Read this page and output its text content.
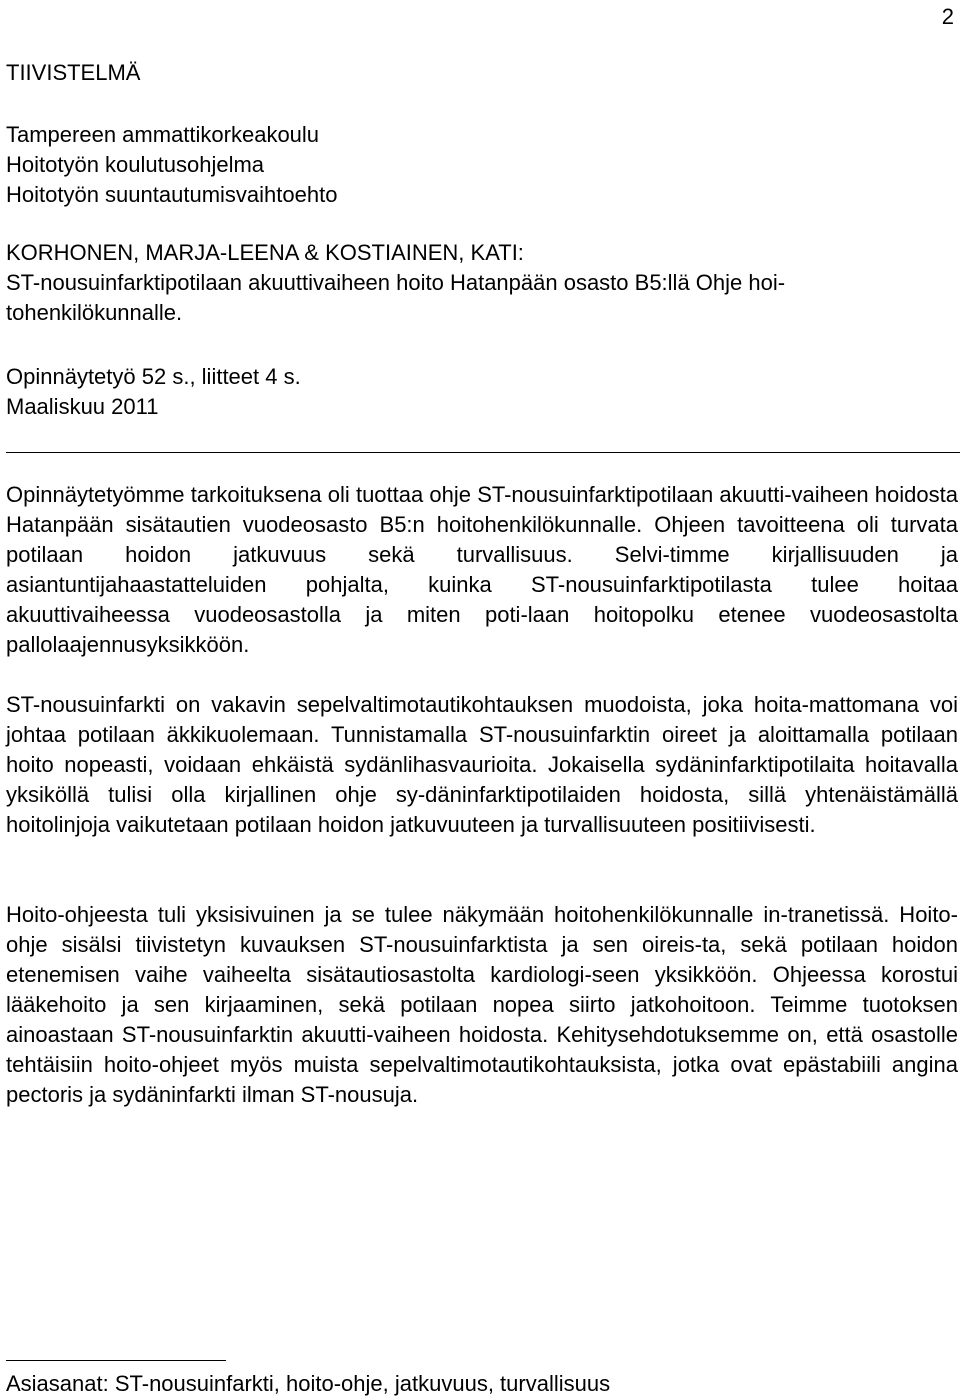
2
TIIVISTELMÄ
Tampereen ammattikorkeakoulu
Hoitotyön koulutusohjelma
Hoitotyön suuntautumisvaihtoehto
KORHONEN, MARJA-LEENA & KOSTIAINEN, KATI:
ST-nousuinfarktipotilaan akuuttivaiheen hoito Hatanpään osasto B5:llä Ohje hoi-
tohenkilökunnalle.
Opinnäytetyö 52 s., liitteet 4 s.
Maaliskuu 2011

Opinnäytetyömme tarkoituksena oli tuottaa ohje ST-nousuinfarktipotilaan akuutti-vaiheen hoidosta Hatanpään sisätautien vuodeosasto B5:n hoitohenkilökunnalle. Ohjeen tavoitteena oli turvata potilaan hoidon jatkuvuus sekä turvallisuus. Selvi-timme kirjallisuuden ja asiantuntijahaastatteluiden pohjalta, kuinka ST-nousuinfarktipotilasta tulee hoitaa akuuttivaiheessa vuodeosastolla ja miten poti-laan hoitopolku etenee vuodeosastolta pallolaajennusyksikköön.

ST-nousuinfarkti on vakavin sepelvaltimotautikohtauksen muodoista, joka hoita-mattomana voi johtaa potilaan äkkikuolemaan. Tunnistamalla ST-nousuinfarktin oireet ja aloittamalla potilaan hoito nopeasti, voidaan ehkäistä sydänlihasvaurioita. Jokaisella sydäninfarktipotilaita hoitavalla yksiköllä tulisi olla kirjallinen ohje sy-däninfarktipotilaiden hoidosta, sillä yhtenäistämällä hoitolinjoja vaikutetaan potilaan hoidon jatkuvuuteen ja turvallisuuteen positiivisesti.

Hoito-ohjeesta tuli yksisivuinen ja se tulee näkymään hoitohenkilökunnalle in-tranetissä. Hoito-ohje sisälsi tiivistetyn kuvauksen ST-nousuinfarktista ja sen oireis-ta, sekä potilaan hoidon etenemisen vaihe vaiheelta sisätautiosastolta kardiologi-seen yksikköön. Ohjeessa korostui lääkehoito ja sen kirjaaminen, sekä potilaan nopea siirto jatkohoitoon. Teimme tuotoksen ainoastaan ST-nousuinfarktin akuutti-vaiheen hoidosta. Kehitysehdotuksemme on, että osastolle tehtäisiin hoito-ohjeet myös muista sepelvaltimotautikohtauksista, jotka ovat epästabiili angina pectoris ja sydäninfarkti ilman ST-nousuja.

Asiasanat: ST-nousuinfarkti, hoito-ohje, jatkuvuus, turvallisuus
